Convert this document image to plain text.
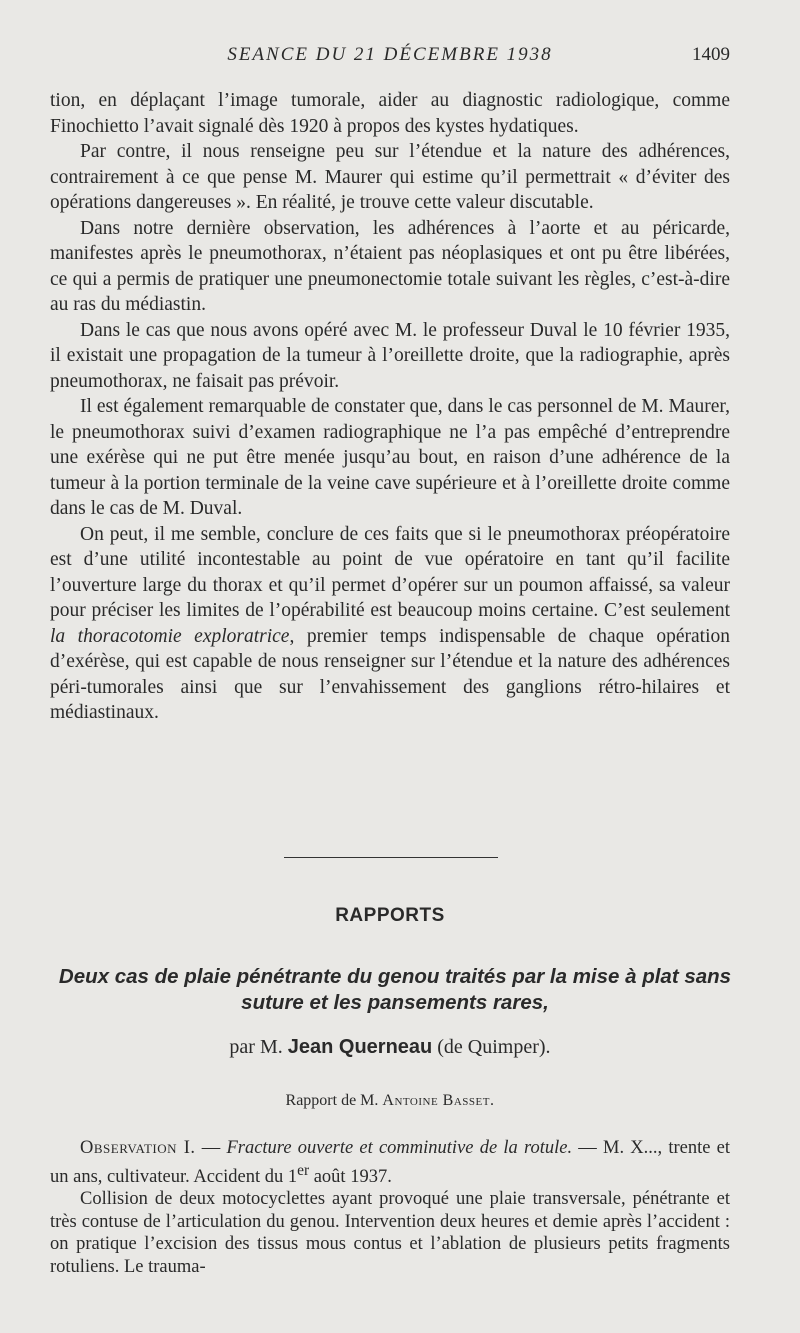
SEANCE DU 21 DÉCEMBRE 1938	1409

tion, en déplaçant l’image tumorale, aider au diagnostic radiologique, comme Finochietto l’avait signalé dès 1920 à propos des kystes hydatiques.

Par contre, il nous renseigne peu sur l’étendue et la nature des adhérences, contrairement à ce que pense M. Maurer qui estime qu’il permettrait « d’éviter des opérations dangereuses ». En réalité, je trouve cette valeur discutable.

Dans notre dernière observation, les adhérences à l’aorte et au péricarde, manifestes après le pneumothorax, n’étaient pas néoplasiques et ont pu être libérées, ce qui a permis de pratiquer une pneumonectomie totale suivant les règles, c’est-à-dire au ras du médiastin.

Dans le cas que nous avons opéré avec M. le professeur Duval le 10 février 1935, il existait une propagation de la tumeur à l’oreillette droite, que la radiographie, après pneumothorax, ne faisait pas prévoir.

Il est également remarquable de constater que, dans le cas personnel de M. Maurer, le pneumothorax suivi d’examen radiographique ne l’a pas empêché d’entreprendre une exérèse qui ne put être menée jusqu’au bout, en raison d’une adhérence de la tumeur à la portion terminale de la veine cave supérieure et à l’oreillette droite comme dans le cas de M. Duval.

On peut, il me semble, conclure de ces faits que si le pneumothorax préopératoire est d’une utilité incontestable au point de vue opératoire en tant qu’il facilite l’ouverture large du thorax et qu’il permet d’opérer sur un poumon affaissé, sa valeur pour préciser les limites de l’opérabilité est beaucoup moins certaine. C’est seulement la thoracotomie exploratrice, premier temps indispensable de chaque opération d’exérèse, qui est capable de nous renseigner sur l’étendue et la nature des adhérences péri-tumorales ainsi que sur l’envahissement des ganglions rétro-hilaires et médiastinaux.

RAPPORTS
Deux cas de plaie pénétrante du genou traités par la mise à plat sans suture et les pansements rares,
par M. Jean Querneau (de Quimper).
Rapport de M. Antoine Basset.

Observation I. — Fracture ouverte et comminutive de la rotule. — M. X..., trente et un ans, cultivateur. Accident du 1er août 1937.

Collision de deux motocyclettes ayant provoqué une plaie transversale, pénétrante et très contuse de l’articulation du genou. Intervention deux heures et demie après l’accident : on pratique l’excision des tissus mous contus et l’ablation de plusieurs petits fragments rotuliens. Le trauma-
